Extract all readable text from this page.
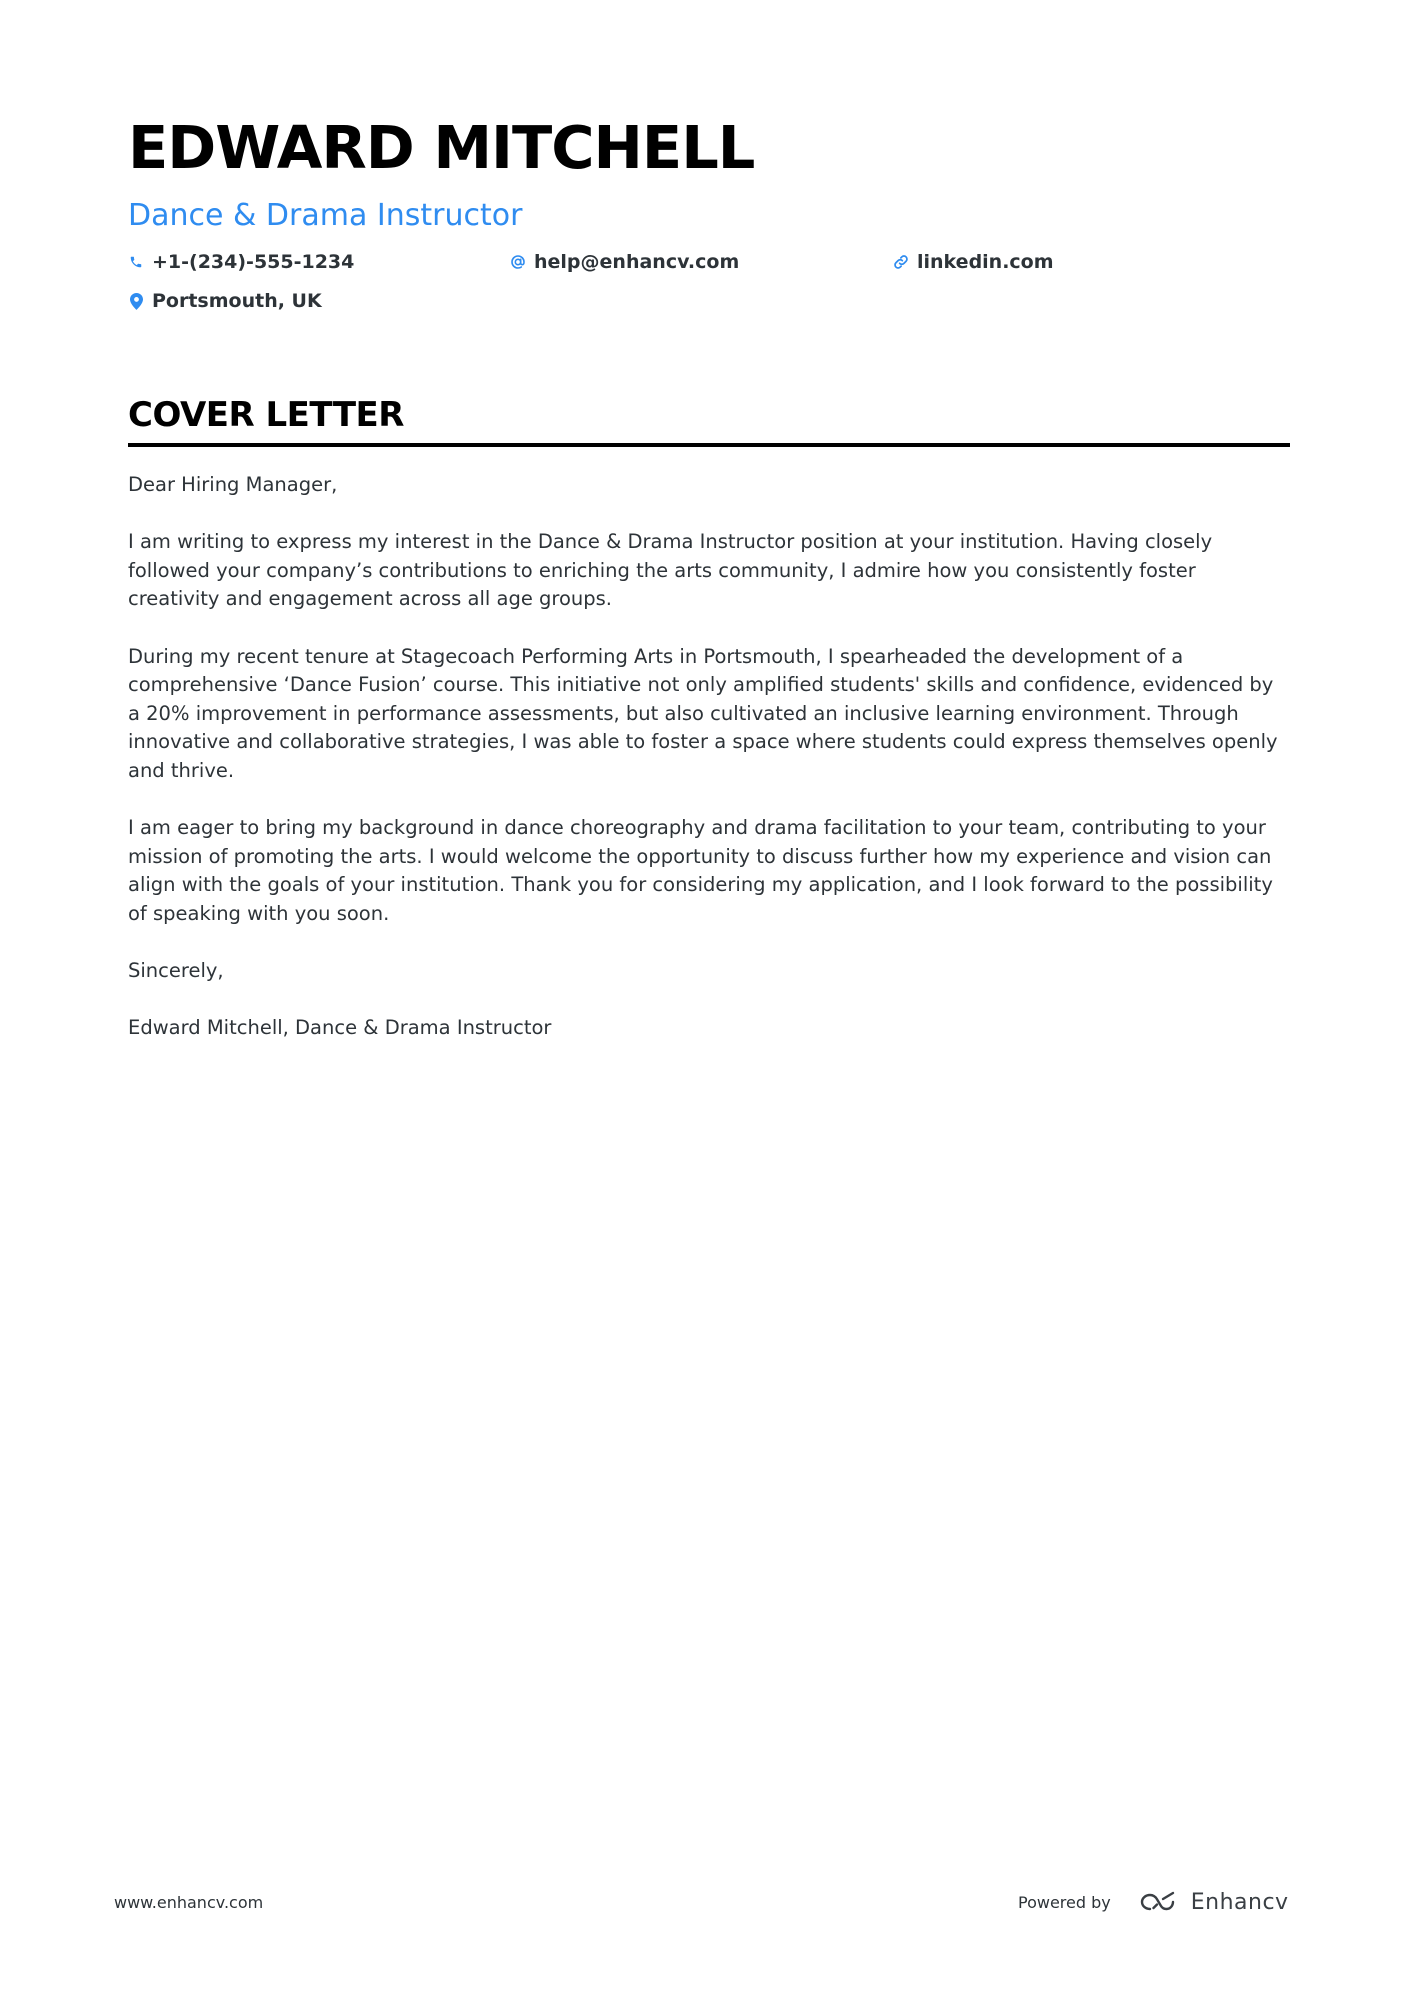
EDWARD MITCHELL
Dance & Drama Instructor
+1-(234)-555-1234	help@enhancv.com	linkedin.com
Portsmouth, UK
COVER LETTER

Dear Hiring Manager,

I am writing to express my interest in the Dance & Drama Instructor position at your institution. Having closely followed your company’s contributions to enriching the arts community, I admire how you consistently foster creativity and engagement across all age groups.

During my recent tenure at Stagecoach Performing Arts in Portsmouth, I spearheaded the development of a comprehensive ‘Dance Fusion’ course. This initiative not only amplified students' skills and confidence, evidenced by a 20% improvement in performance assessments, but also cultivated an inclusive learning environment. Through innovative and collaborative strategies, I was able to foster a space where students could express themselves openly and thrive.

I am eager to bring my background in dance choreography and drama facilitation to your team, contributing to your mission of promoting the arts. I would welcome the opportunity to discuss further how my experience and vision can align with the goals of your institution. Thank you for considering my application, and I look forward to the possibility of speaking with you soon.

Sincerely,

Edward Mitchell, Dance & Drama Instructor

www.enhancv.com	Powered by	Enhancv
